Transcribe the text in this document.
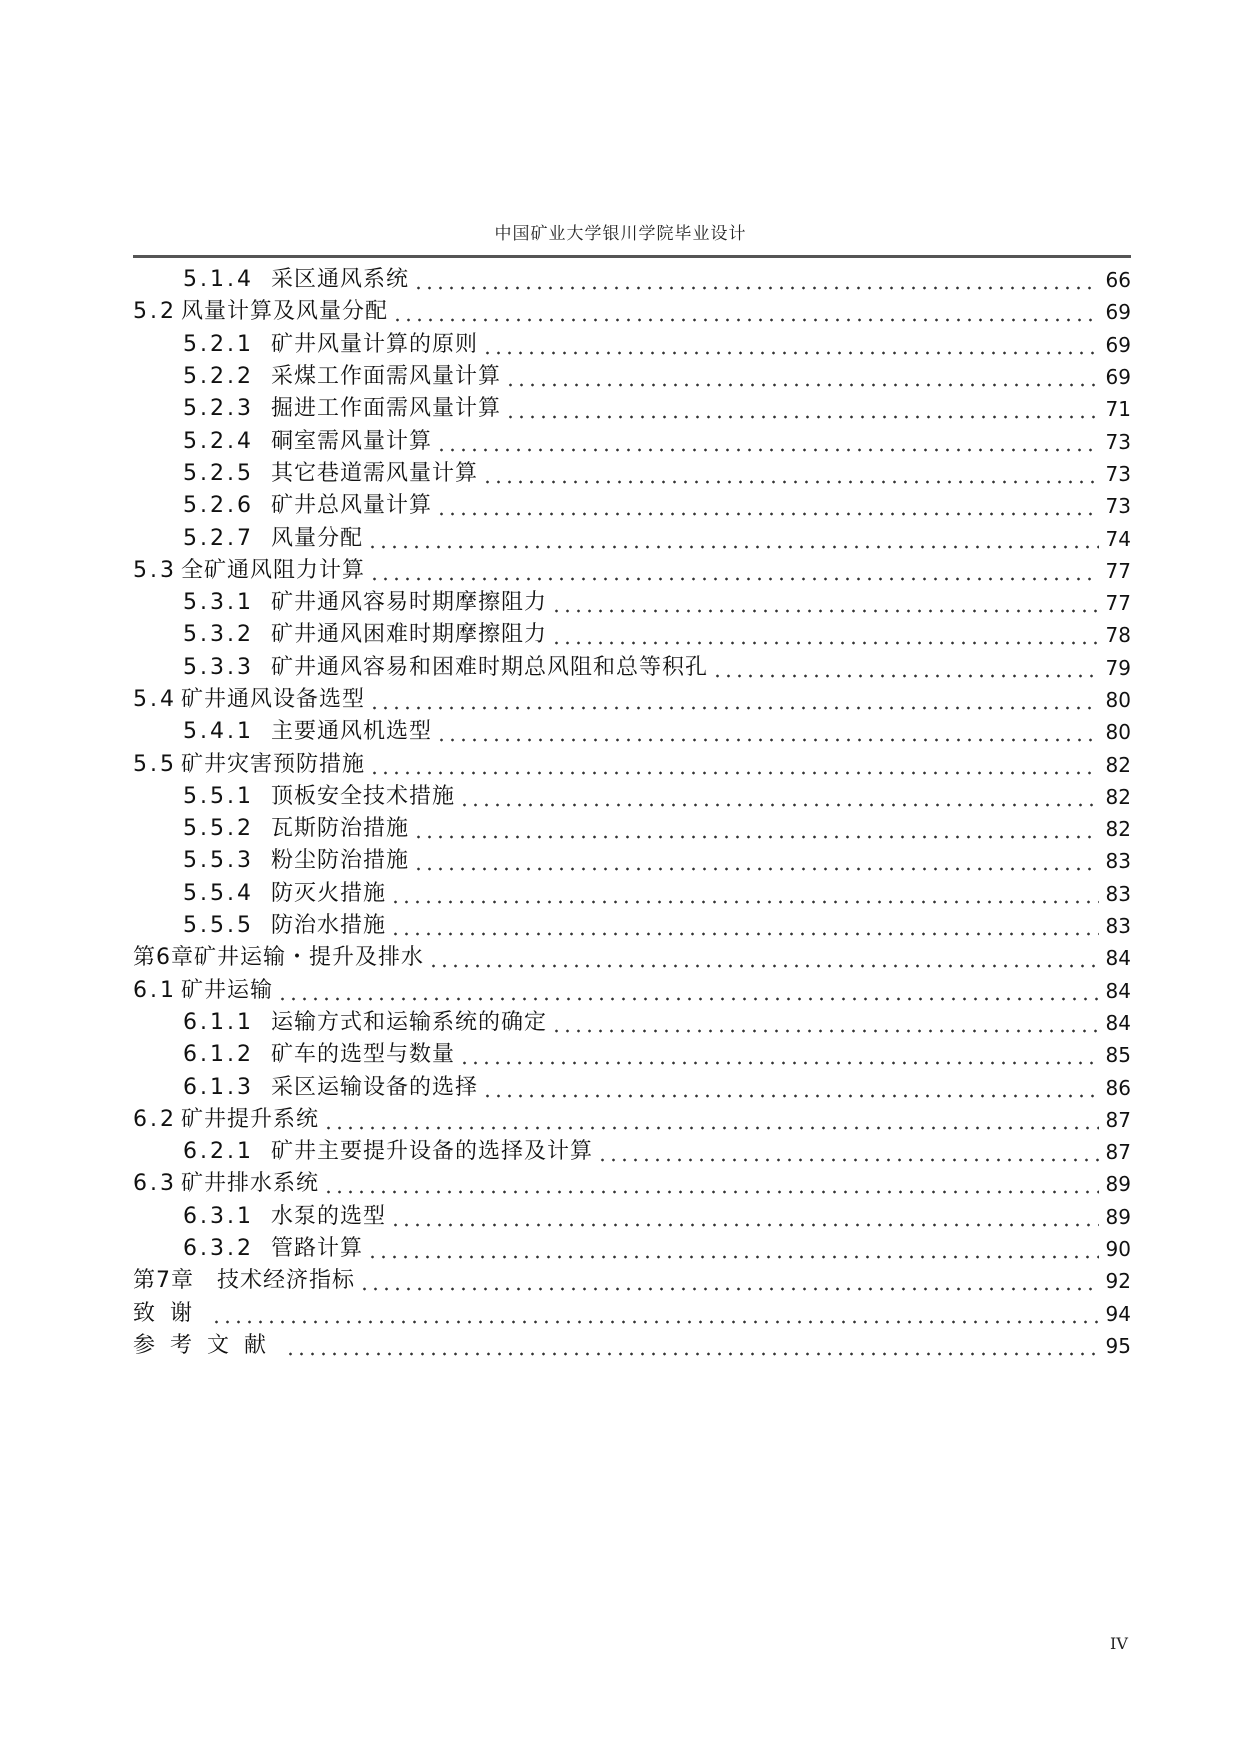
中国矿业大学银川学院毕业设计
5.1.4 采区通风系统	66
5.2 风量计算及风量分配	69
5.2.1 矿井风量计算的原则	69
5.2.2 采煤工作面需风量计算	69
5.2.3 掘进工作面需风量计算	71
5.2.4 硐室需风量计算	73
5.2.5 其它巷道需风量计算	73
5.2.6 矿井总风量计算	73
5.2.7 风量分配	74
5.3 全矿通风阻力计算	77
5.3.1 矿井通风容易时期摩擦阻力	77
5.3.2 矿井通风困难时期摩擦阻力	78
5.3.3 矿井通风容易和困难时期总风阻和总等积孔	79
5.4 矿井通风设备选型	80
5.4.1 主要通风机选型	80
5.5 矿井灾害预防措施	82
5.5.1 顶板安全技术措施	82
5.5.2 瓦斯防治措施	82
5.5.3 粉尘防治措施	83
5.5.4 防灭火措施	83
5.5.5 防治水措施	83
第6章矿井运输・提升及排水	84
6.1 矿井运输	84
6.1.1 运输方式和运输系统的确定	84
6.1.2 矿车的选型与数量	85
6.1.3 采区运输设备的选择	86
6.2 矿井提升系统	87
6.2.1 矿井主要提升设备的选择及计算	87
6.3 矿井排水系统	89
6.3.1 水泵的选型	89
6.3.2 管路计算	90
第7章　技术经济指标	92
致谢	94
参考文献	95
IV
